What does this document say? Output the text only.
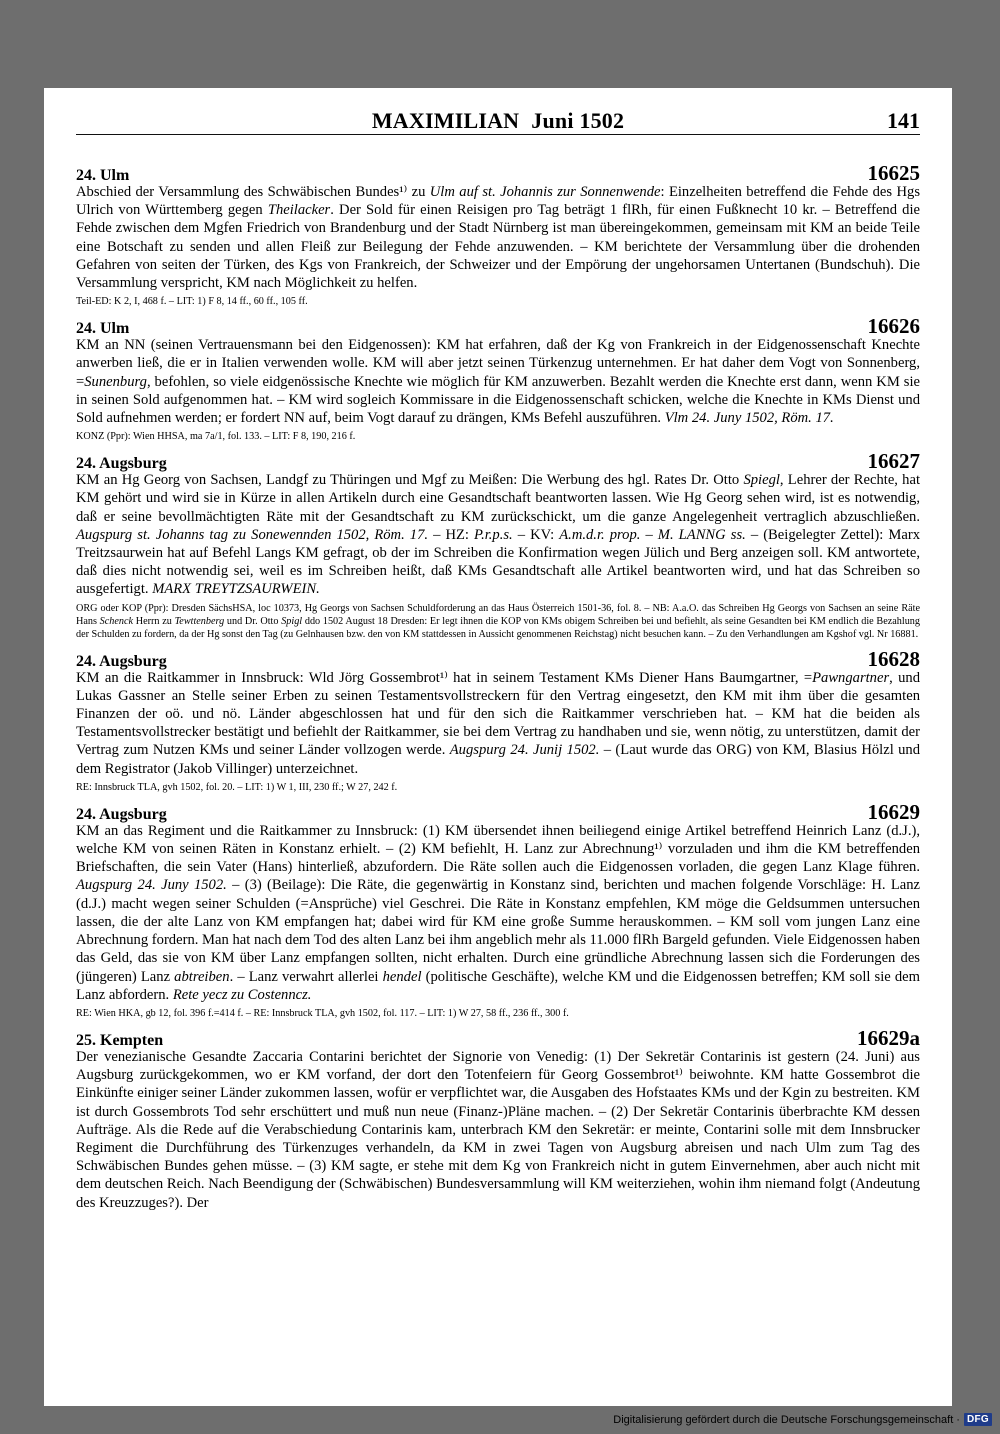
MAXIMILIAN Juni 1502	141
24. Ulm	16625
Abschied der Versammlung des Schwäbischen Bundes¹⁾ zu Ulm auf st. Johannis zur Sonnenwende: Einzelheiten betreffend die Fehde des Hgs Ulrich von Württemberg gegen Theilacker. Der Sold für einen Reisigen pro Tag beträgt 1 flRh, für einen Fußknecht 10 kr. – Betreffend die Fehde zwischen dem Mgfen Friedrich von Brandenburg und der Stadt Nürnberg ist man übereingekommen, gemeinsam mit KM an beide Teile eine Botschaft zu senden und allen Fleiß zur Beilegung der Fehde anzuwenden. – KM berichtete der Versammlung über die drohenden Gefahren von seiten der Türken, des Kgs von Frankreich, der Schweizer und der Empörung der ungehorsamen Untertanen (Bundschuh). Die Versammlung verspricht, KM nach Möglichkeit zu helfen.
Teil-ED: K 2, I, 468 f. – LIT: 1) F 8, 14 ff., 60 ff., 105 ff.
24. Ulm	16626
KM an NN (seinen Vertrauensmann bei den Eidgenossen): KM hat erfahren, daß der Kg von Frankreich in der Eidgenossenschaft Knechte anwerben ließ, die er in Italien verwenden wolle. KM will aber jetzt seinen Türkenzug unternehmen. Er hat daher dem Vogt von Sonnenberg, =Sunenburg, befohlen, so viele eidgenössische Knechte wie möglich für KM anzuwerben. Bezahlt werden die Knechte erst dann, wenn KM sie in seinen Sold aufgenommen hat. – KM wird sogleich Kommissare in die Eidgenossenschaft schicken, welche die Knechte in KMs Dienst und Sold aufnehmen werden; er fordert NN auf, beim Vogt darauf zu drängen, KMs Befehl auszuführen. Vlm 24. Juny 1502, Röm. 17.
KONZ (Ppr): Wien HHSA, ma 7a/1, fol. 133. – LIT: F 8, 190, 216 f.
24. Augsburg	16627
KM an Hg Georg von Sachsen, Landgf zu Thüringen und Mgf zu Meißen: Die Werbung des hgl. Rates Dr. Otto Spiegl, Lehrer der Rechte, hat KM gehört und wird sie in Kürze in allen Artikeln durch eine Gesandtschaft beantworten lassen. Wie Hg Georg sehen wird, ist es notwendig, daß er seine bevollmächtigten Räte mit der Gesandtschaft zu KM zurückschickt, um die ganze Angelegenheit vertraglich abzuschließen. Augspurg st. Johanns tag zu Sonewennden 1502, Röm. 17. – HZ: P.r.p.s. – KV: A.m.d.r. prop. – M. LANNG ss. – (Beigelegter Zettel): Marx Treitzsaurwein hat auf Befehl Langs KM gefragt, ob der im Schreiben die Konfirmation wegen Jülich und Berg anzeigen soll. KM antwortete, daß dies nicht notwendig sei, weil es im Schreiben heißt, daß KMs Gesandtschaft alle Artikel beantworten wird, und hat das Schreiben so ausgefertigt. MARX TREYTZSAURWEIN.
ORG oder KOP (Ppr): Dresden SächsHSA, loc 10373, Hg Georgs von Sachsen Schuldforderung an das Haus Österreich 1501-36, fol. 8. – NB: A.a.O. das Schreiben Hg Georgs von Sachsen an seine Räte Hans Schenck Herrn zu Tewttenberg und Dr. Otto Spigl ddo 1502 August 18 Dresden: Er legt ihnen die KOP von KMs obigem Schreiben bei und befiehlt, als seine Gesandten bei KM endlich die Bezahlung der Schulden zu fordern, da der Hg sonst den Tag (zu Gelnhausen bzw. den von KM stattdessen in Aussicht genommenen Reichstag) nicht besuchen kann. – Zu den Verhandlungen am Kgshof vgl. Nr 16881.
24. Augsburg	16628
KM an die Raitkammer in Innsbruck: Wld Jörg Gossembrot¹⁾ hat in seinem Testament KMs Diener Hans Baumgartner, =Pawngartner, und Lukas Gassner an Stelle seiner Erben zu seinen Testamentsvollstreckern für den Vertrag eingesetzt, den KM mit ihm über die gesamten Finanzen der oö. und nö. Länder abgeschlossen hat und für den sich die Raitkammer verschrieben hat. – KM hat die beiden als Testamentsvollstrecker bestätigt und befiehlt der Raitkammer, sie bei dem Vertrag zu handhaben und sie, wenn nötig, zu unterstützen, damit der Vertrag zum Nutzen KMs und seiner Länder vollzogen werde. Augspurg 24. Junij 1502. – (Laut wurde das ORG) von KM, Blasius Hölzl und dem Registrator (Jakob Villinger) unterzeichnet.
RE: Innsbruck TLA, gvh 1502, fol. 20. – LIT: 1) W 1, III, 230 ff.; W 27, 242 f.
24. Augsburg	16629
KM an das Regiment und die Raitkammer zu Innsbruck: (1) KM übersendet ihnen beiliegend einige Artikel betreffend Heinrich Lanz (d.J.), welche KM von seinen Räten in Konstanz erhielt. – (2) KM befiehlt, H. Lanz zur Abrechnung¹⁾ vorzuladen und ihm die KM betreffenden Briefschaften, die sein Vater (Hans) hinterließ, abzufordern. Die Räte sollen auch die Eidgenossen vorladen, die gegen Lanz Klage führen. Augspurg 24. Juny 1502. – (3) (Beilage): Die Räte, die gegenwärtig in Konstanz sind, berichten und machen folgende Vorschläge: H. Lanz (d.J.) macht wegen seiner Schulden (=Ansprüche) viel Geschrei. Die Räte in Konstanz empfehlen, KM möge die Geldsummen untersuchen lassen, die der alte Lanz von KM empfangen hat; dabei wird für KM eine große Summe herauskommen. – KM soll vom jungen Lanz eine Abrechnung fordern. Man hat nach dem Tod des alten Lanz bei ihm angeblich mehr als 11.000 flRh Bargeld gefunden. Viele Eidgenossen haben das Geld, das sie von KM über Lanz empfangen sollten, nicht erhalten. Durch eine gründliche Abrechnung lassen sich die Forderungen des (jüngeren) Lanz abtreiben. – Lanz verwahrt allerlei hendel (politische Geschäfte), welche KM und die Eidgenossen betreffen; KM soll sie dem Lanz abfordern. Rete yecz zu Costenncz.
RE: Wien HKA, gb 12, fol. 396 f.=414 f. – RE: Innsbruck TLA, gvh 1502, fol. 117. – LIT: 1) W 27, 58 ff., 236 ff., 300 f.
25. Kempten	16629a
Der venezianische Gesandte Zaccaria Contarini berichtet der Signorie von Venedig: (1) Der Sekretär Contarinis ist gestern (24. Juni) aus Augsburg zurückgekommen, wo er KM vorfand, der dort den Totenfeiern für Georg Gossembrot¹⁾ beiwohnte. KM hatte Gossembrot die Einkünfte einiger seiner Länder zukommen lassen, wofür er verpflichtet war, die Ausgaben des Hofstaates KMs und der Kgin zu bestreiten. KM ist durch Gossembrots Tod sehr erschüttert und muß nun neue (Finanz-)Pläne machen. – (2) Der Sekretär Contarinis überbrachte KM dessen Aufträge. Als die Rede auf die Verabschiedung Contarinis kam, unterbrach KM den Sekretär: er meinte, Contarini solle mit dem Innsbrucker Regiment die Durchführung des Türkenzuges verhandeln, da KM in zwei Tagen von Augsburg abreisen und nach Ulm zum Tag des Schwäbischen Bundes gehen müsse. – (3) KM sagte, er stehe mit dem Kg von Frankreich nicht in gutem Einvernehmen, aber auch nicht mit dem deutschen Reich. Nach Beendigung der (Schwäbischen) Bundesversammlung will KM weiterziehen, wohin ihm niemand folgt (Andeutung des Kreuzzuges?). Der
Digitalisierung gefördert durch die Deutsche Forschungsgemeinschaft · DFG
